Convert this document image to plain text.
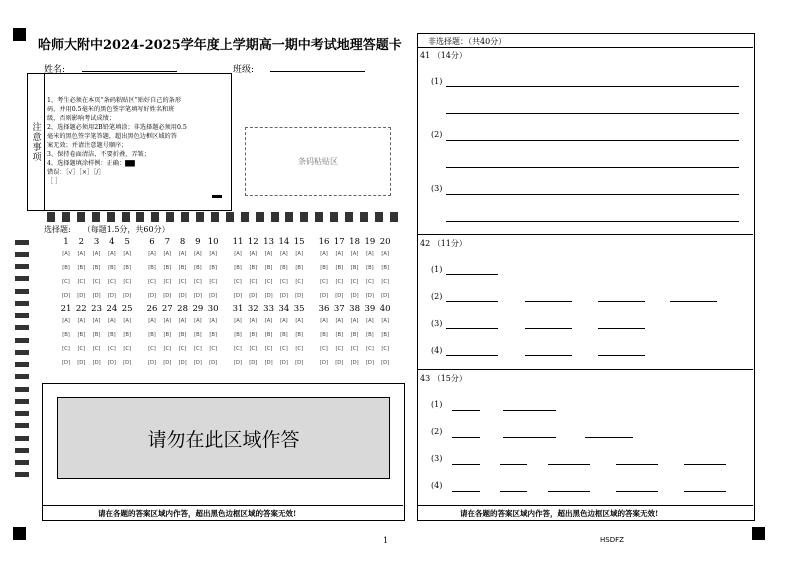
哈师大附中2024-2025学年度上学期高一期中考试地理答题卡
姓名:	班级:
注意事项
1、考生必须在本页“条码粘贴区”贴好自己的条形
码，并用0.5毫米的黑色签字笔填写好姓名和班
级，否则影响考试成绩；
2、选择题必须用2B铅笔填涂；非选择题必须用0.5
毫米的黑色签字笔答题，超出黑色边框区域的答
案无效；并请注意题号顺序；
3、保持卷面清洁，不要折叠，弄皱；
4、选择题填涂样例：正确：▇▇
错误：［√］［×］［/］
［ ］
条码粘贴区
选择题:　　（每题1.5分，共60分）
1
[A]
[B]
[C]
[D]
2
[A]
[B]
[C]
[D]
3
[A]
[B]
[C]
[D]
4
[A]
[B]
[C]
[D]
5
[A]
[B]
[C]
[D]
6
[A]
[B]
[C]
[D]
7
[A]
[B]
[C]
[D]
8
[A]
[B]
[C]
[D]
9
[A]
[B]
[C]
[D]
10
[A]
[B]
[C]
[D]
11
[A]
[B]
[C]
[D]
12
[A]
[B]
[C]
[D]
13
[A]
[B]
[C]
[D]
14
[A]
[B]
[C]
[D]
15
[A]
[B]
[C]
[D]
16
[A]
[B]
[C]
[D]
17
[A]
[B]
[C]
[D]
18
[A]
[B]
[C]
[D]
19
[A]
[B]
[C]
[D]
20
[A]
[B]
[C]
[D]
21
[A]
[B]
[C]
[D]
22
[A]
[B]
[C]
[D]
23
[A]
[B]
[C]
[D]
24
[A]
[B]
[C]
[D]
25
[A]
[B]
[C]
[D]
26
[A]
[B]
[C]
[D]
27
[A]
[B]
[C]
[D]
28
[A]
[B]
[C]
[D]
29
[A]
[B]
[C]
[D]
30
[A]
[B]
[C]
[D]
31
[A]
[B]
[C]
[D]
32
[A]
[B]
[C]
[D]
33
[A]
[B]
[C]
[D]
34
[A]
[B]
[C]
[D]
35
[A]
[B]
[C]
[D]
36
[A]
[B]
[C]
[D]
37
[A]
[B]
[C]
[D]
38
[A]
[B]
[C]
[D]
39
[A]
[B]
[C]
[D]
40
[A]
[B]
[C]
[D]
请勿在此区域作答
请在各题的答案区域内作答，超出黑色边框区域的答案无效!
1	HSDFZ
非选择题：（共40分）
41 （14分）
(1)
(2)
(3)
42 （11分）
(1)
(2)
(3)
(4)
43 （15分）
(1)
(2)
(3)
(4)
请在各题的答案区域内作答，超出黑色边框区域的答案无效!
